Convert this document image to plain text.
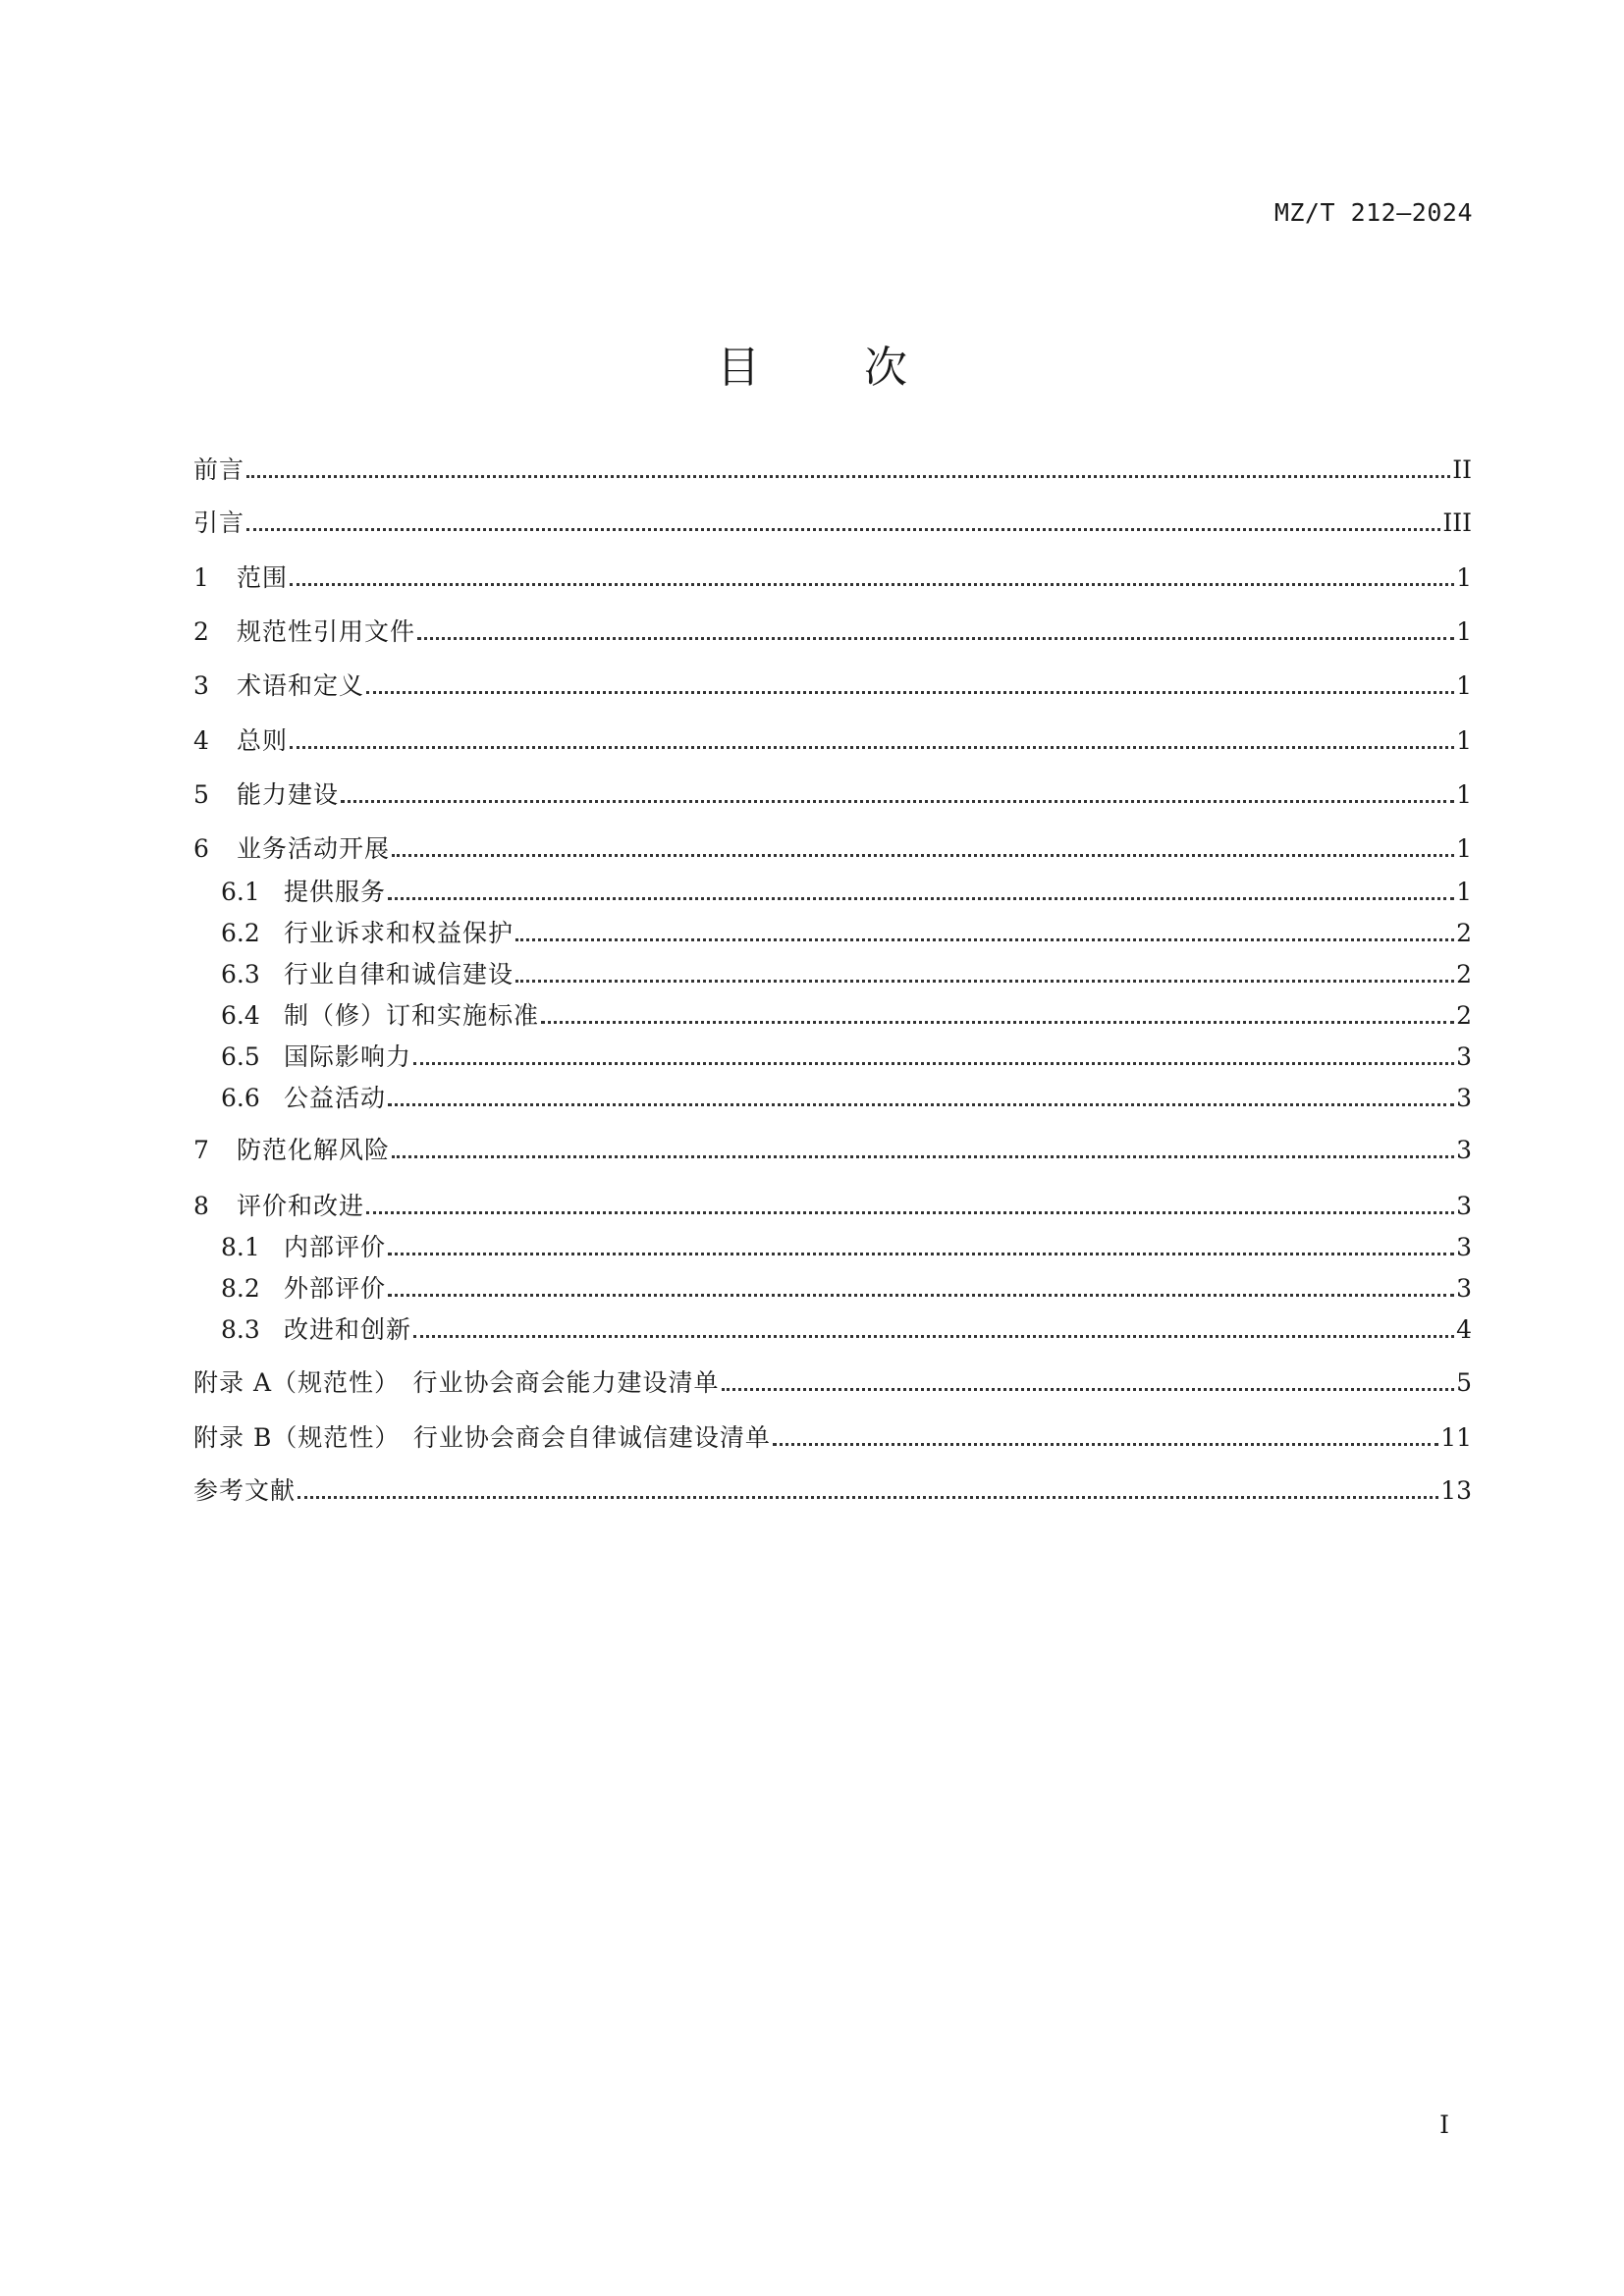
MZ/T 212—2024
目次
前言	II
引言	III
1	范围	1
2	规范性引用文件	1
3	术语和定义	1
4	总则	1
5	能力建设	1
6	业务活动开展	1
6.1 提供服务	1
6.2 行业诉求和权益保护	2
6.3 行业自律和诚信建设	2
6.4 制（修）订和实施标准	2
6.5 国际影响力	3
6.6 公益活动	3
7	防范化解风险	3
8	评价和改进	3
8.1 内部评价	3
8.2 外部评价	3
8.3 改进和创新	4
附录 A（规范性）　行业协会商会能力建设清单	5
附录 B（规范性）　行业协会商会自律诚信建设清单	11
参考文献	13
I
